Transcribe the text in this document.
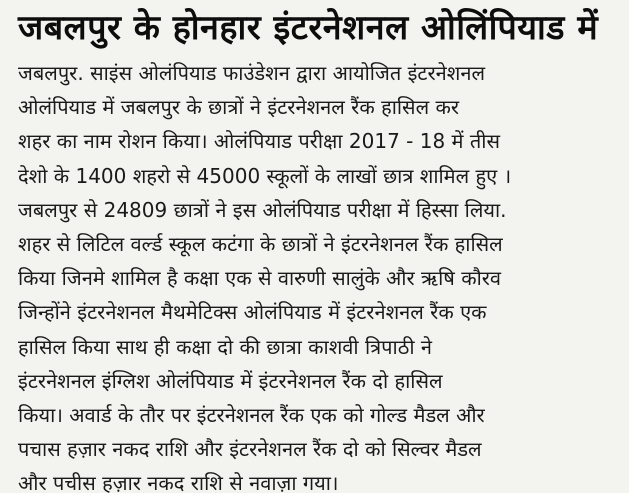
जबलपुर के होनहार इंटरनेशनल ओलिंपियाड में
जबलपुर. साइंस ओलंपियाड फाउंडेशन द्वारा आयोजित इंटरनेशनल
ओलंपियाड में जबलपुर के छात्रों ने इंटरनेशनल रैंक हासिल कर
शहर का नाम रोशन किया। ओलंपियाड परीक्षा 2017 - 18 में तीस
देशो के 1400 शहरो से 45000 स्कूलों के लाखों छात्र शामिल हुए ।
जबलपुर से 24809 छात्रों ने इस ओलंपियाड परीक्षा में हिस्सा लिया.
शहर से लिटिल वर्ल्ड स्कूल कटंगा के छात्रों ने इंटरनेशनल रैंक हासिल
किया जिनमे शामिल है कक्षा एक से वारुणी सालुंके और ऋषि कौरव
जिन्होंने इंटरनेशनल मैथमेटिक्स ओलंपियाड में इंटरनेशनल रैंक एक
हासिल किया साथ ही कक्षा दो की छात्रा काशवी त्रिपाठी ने
इंटरनेशनल इंग्लिश ओलंपियाड में इंटरनेशनल रैंक दो हासिल
किया। अवार्ड के तौर पर इंटरनेशनल रैंक एक को गोल्ड मैडल और
पचास हज़ार नकद राशि और इंटरनेशनल रैंक दो को सिल्वर मैडल
और पचीस हज़ार नकद राशि से नवाज़ा गया।
